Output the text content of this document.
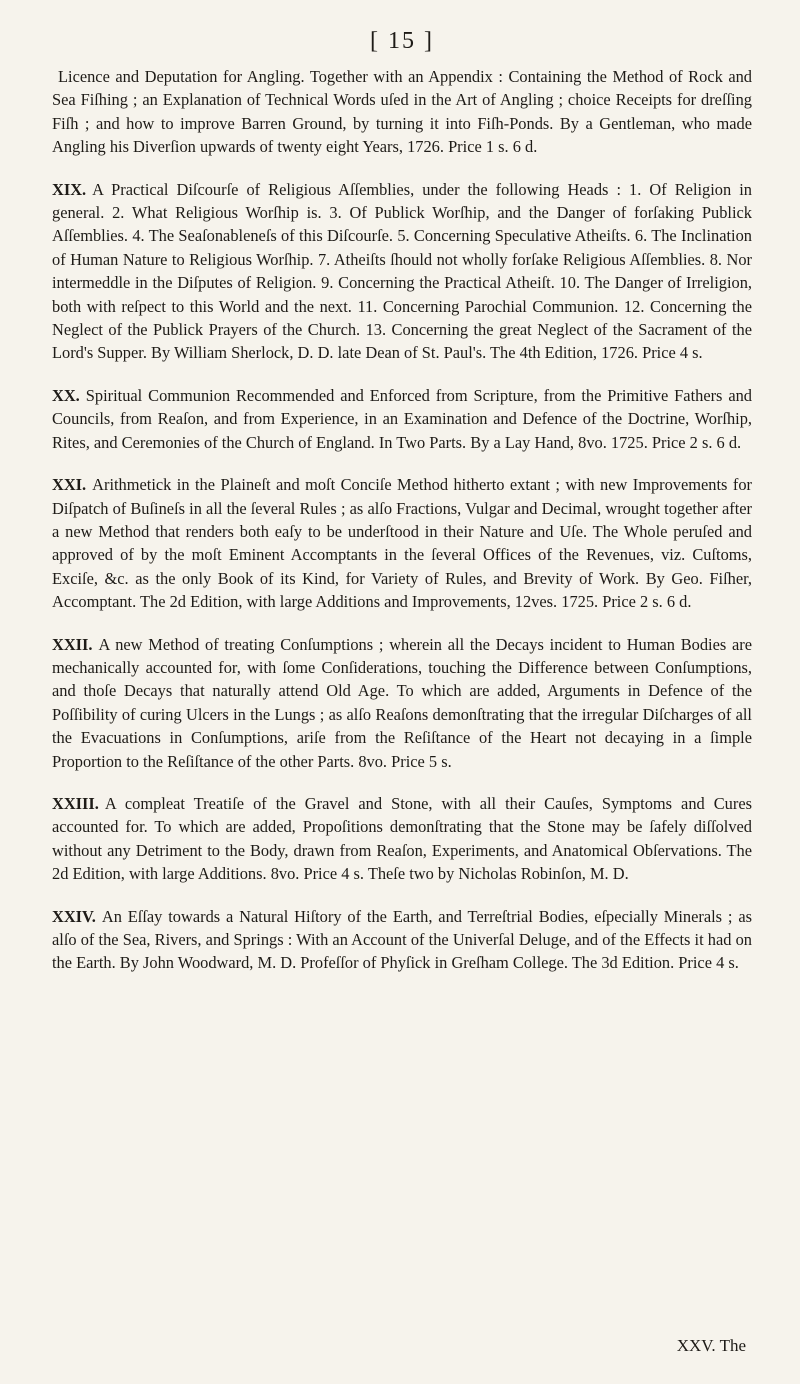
[ 15 ]

Licence and Deputation for Angling. Together with an Appendix : Containing the Method of Rock and Sea Fiſhing ; an Explanation of Technical Words uſed in the Art of Angling ; choice Receipts for dreſſing Fiſh ; and how to improve Barren Ground, by turning it into Fiſh-Ponds. By a Gentleman, who made Angling his Diverſion upwards of twenty eight Years, 1726. Price 1 s. 6 d.

XIX. A Practical Diſcourſe of Religious Aſſemblies, under the following Heads : 1. Of Religion in general. 2. What Religious Worſhip is. 3. Of Publick Worſhip, and the Danger of forſaking Publick Aſſemblies. 4. The Seaſonableneſs of this Diſcourſe. 5. Concerning Speculative Atheiſts. 6. The Inclination of Human Nature to Religious Worſhip. 7. Atheiſts ſhould not wholly forſake Religious Aſſemblies. 8. Nor intermeddle in the Diſputes of Religion. 9. Concerning the Practical Atheiſt. 10. The Danger of Irreligion, both with reſpect to this World and the next. 11. Concerning Parochial Communion. 12. Concerning the Neglect of the Publick Prayers of the Church. 13. Concerning the great Neglect of the Sacrament of the Lord's Supper. By William Sherlock, D. D. late Dean of St. Paul's. The 4th Edition, 1726. Price 4 s.

XX. Spiritual Communion Recommended and Enforced from Scripture, from the Primitive Fathers and Councils, from Reaſon, and from Experience, in an Examination and Defence of the Doctrine, Worſhip, Rites, and Ceremonies of the Church of England. In Two Parts. By a Lay Hand, 8vo. 1725. Price 2 s. 6 d.

XXI. Arithmetick in the Plaineſt and moſt Conciſe Method hitherto extant ; with new Improvements for Diſpatch of Buſineſs in all the ſeveral Rules ; as alſo Fractions, Vulgar and Decimal, wrought together after a new Method that renders both eaſy to be underſtood in their Nature and Uſe. The Whole peruſed and approved of by the moſt Eminent Accomptants in the ſeveral Offices of the Revenues, viz. Cuſtoms, Exciſe, &c. as the only Book of its Kind, for Variety of Rules, and Brevity of Work. By Geo. Fiſher, Accomptant. The 2d Edition, with large Additions and Improvements, 12ves. 1725. Price 2 s. 6 d.

XXII. A new Method of treating Conſumptions ; wherein all the Decays incident to Human Bodies are mechanically accounted for, with ſome Conſiderations, touching the Difference between Conſumptions, and thoſe Decays that naturally attend Old Age. To which are added, Arguments in Defence of the Poſſibility of curing Ulcers in the Lungs ; as alſo Reaſons demonſtrating that the irregular Diſcharges of all the Evacuations in Conſumptions, ariſe from the Reſiſtance of the Heart not decaying in a ſimple Proportion to the Reſiſtance of the other Parts. 8vo. Price 5 s.

XXIII. A compleat Treatiſe of the Gravel and Stone, with all their Cauſes, Symptoms and Cures accounted for. To which are added, Propoſitions demonſtrating that the Stone may be ſafely diſſolved without any Detriment to the Body, drawn from Reaſon, Experiments, and Anatomical Obſervations. The 2d Edition, with large Additions. 8vo. Price 4 s. Theſe two by Nicholas Robinſon, M. D.

XXIV. An Eſſay towards a Natural Hiſtory of the Earth, and Terreſtrial Bodies, eſpecially Minerals ; as alſo of the Sea, Rivers, and Springs : With an Account of the Univerſal Deluge, and of the Effects it had on the Earth. By John Woodward, M. D. Profeſſor of Phyſick in Greſham College. The 3d Edition. Price 4 s.

XXV. The
